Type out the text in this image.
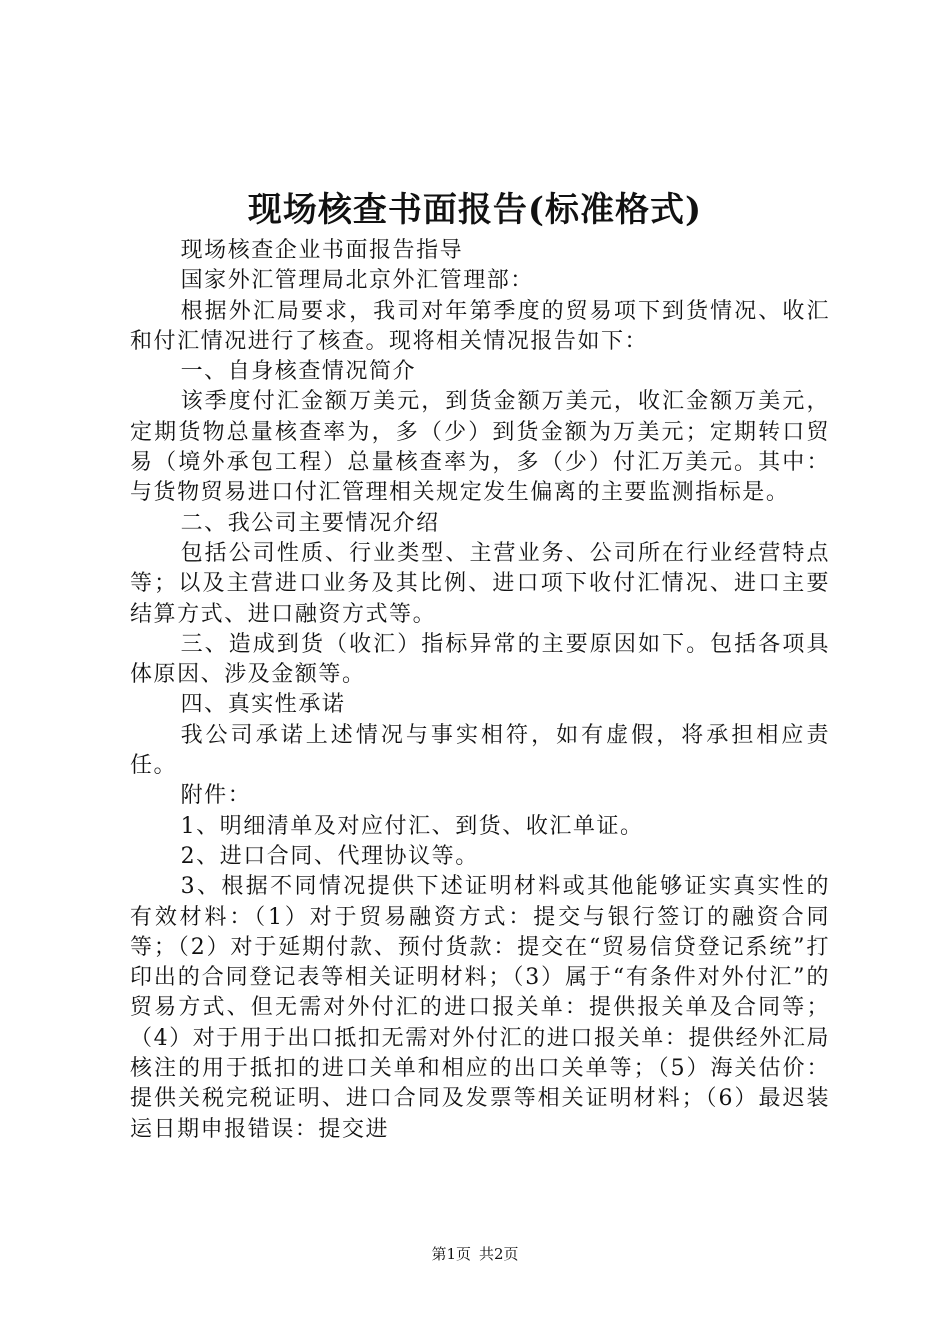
现场核查书面报告(标准格式)

现场核查企业书面报告指导

国家外汇管理局北京外汇管理部：

根据外汇局要求，我司对年第季度的贸易项下到货情况、收汇和付汇情况进行了核查。现将相关情况报告如下：

一、自身核查情况简介

该季度付汇金额万美元，到货金额万美元，收汇金额万美元，定期货物总量核查率为，多（少）到货金额为万美元；定期转口贸易（境外承包工程）总量核查率为，多（少）付汇万美元。其中：与货物贸易进口付汇管理相关规定发生偏离的主要监测指标是。

二、我公司主要情况介绍

包括公司性质、行业类型、主营业务、公司所在行业经营特点等；以及主营进口业务及其比例、进口项下收付汇情况、进口主要结算方式、进口融资方式等。

三、造成到货（收汇）指标异常的主要原因如下。包括各项具体原因、涉及金额等。

四、真实性承诺

我公司承诺上述情况与事实相符，如有虚假，将承担相应责任。

附件：

1、明细清单及对应付汇、到货、收汇单证。

2、进口合同、代理协议等。

3、根据不同情况提供下述证明材料或其他能够证实真实性的有效材料：（1）对于贸易融资方式：提交与银行签订的融资合同等；（2）对于延期付款、预付货款：提交在“贸易信贷登记系统”打印出的合同登记表等相关证明材料；（3）属于“有条件对外付汇”的贸易方式、但无需对外付汇的进口报关单：提供报关单及合同等；（4）对于用于出口抵扣无需对外付汇的进口报关单：提供经外汇局核注的用于抵扣的进口关单和相应的出口关单等；（5）海关估价：提供关税完税证明、进口合同及发票等相关证明材料；（6）最迟装运日期申报错误：提交进

第1页 共2页
